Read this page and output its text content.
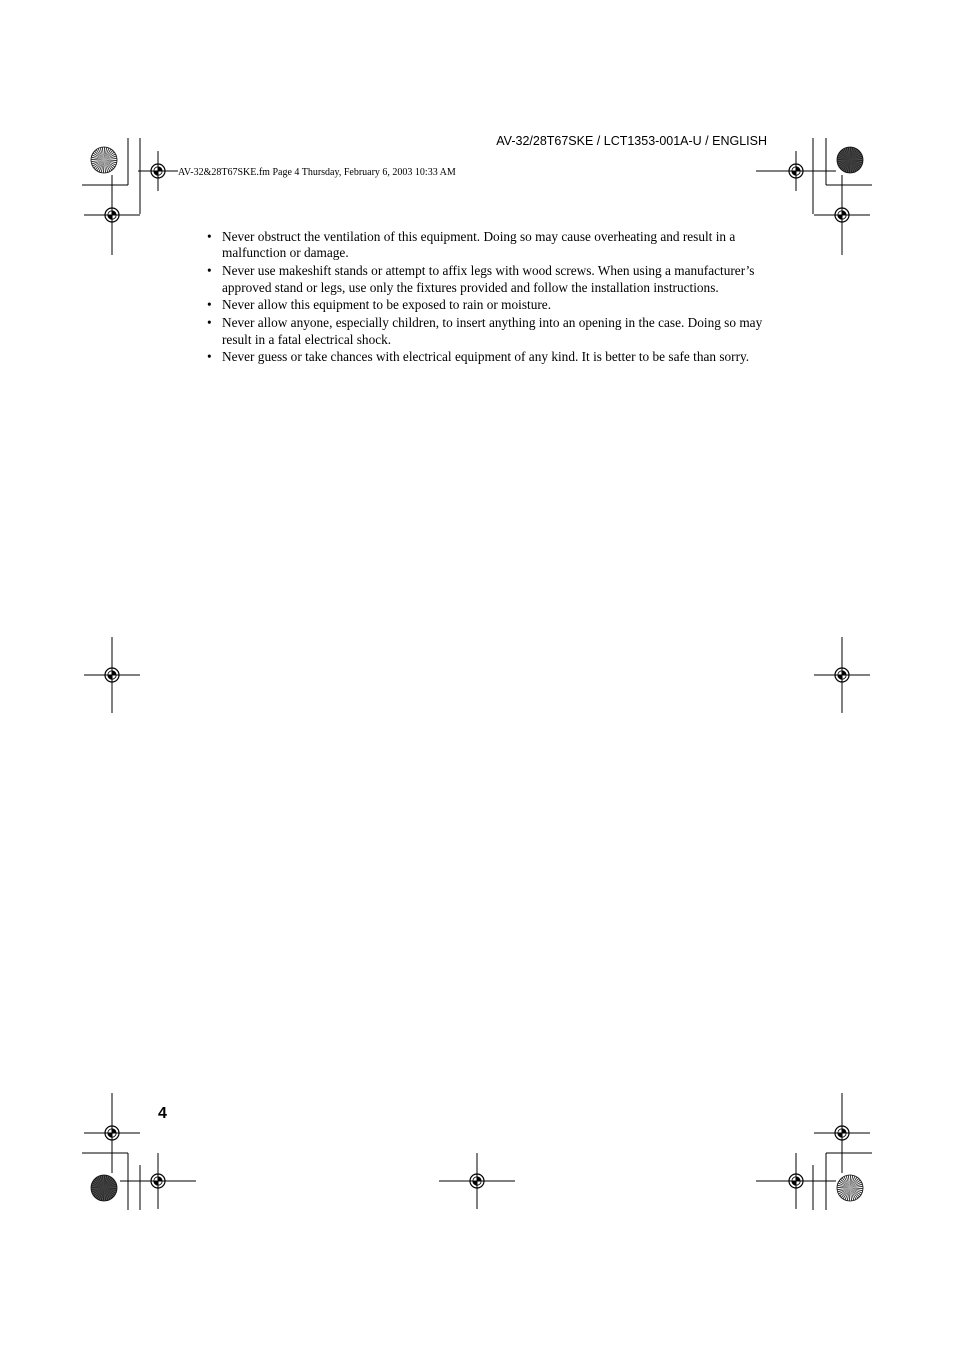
AV-32/28T67SKE / LCT1353-001A-U / ENGLISH
AV-32&28T67SKE.fm Page 4 Thursday, February 6, 2003 10:33 AM
• Never obstruct the ventilation of this equipment. Doing so may cause overheating and result in a malfunction or damage.
• Never use makeshift stands or attempt to affix legs with wood screws. When using a manufacturer’s approved stand or legs, use only the fixtures provided and follow the installation instructions.
• Never allow this equipment to be exposed to rain or moisture.
• Never allow anyone, especially children, to insert anything into an opening in the case. Doing so may result in a fatal electrical shock.
• Never guess or take chances with electrical equipment of any kind. It is better to be safe than sorry.
4
